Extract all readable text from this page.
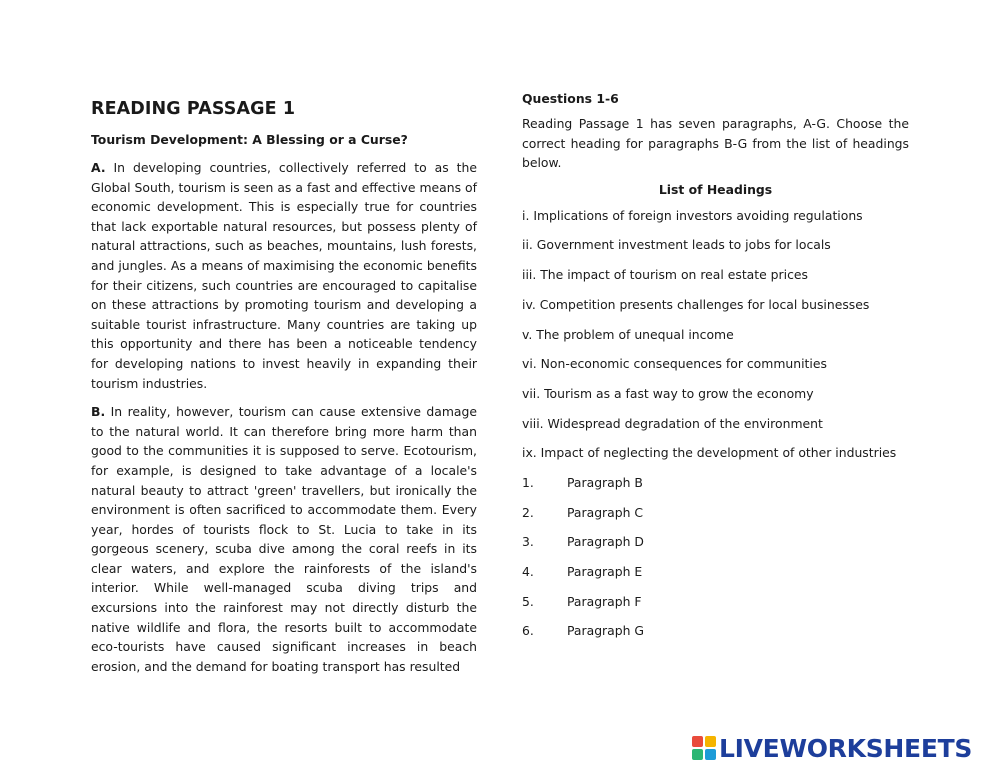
READING PASSAGE 1
Tourism Development: A Blessing or a Curse?

A. In developing countries, collectively referred to as the Global South, tourism is seen as a fast and effective means of economic development. This is especially true for countries that lack exportable natural resources, but possess plenty of natural attractions, such as beaches, mountains, lush forests, and jungles. As a means of maximising the economic benefits for their citizens, such countries are encouraged to capitalise on these attractions by promoting tourism and developing a suitable tourist infrastructure. Many countries are taking up this opportunity and there has been a noticeable tendency for developing nations to invest heavily in expanding their tourism industries.

B. In reality, however, tourism can cause extensive damage to the natural world. It can therefore bring more harm than good to the communities it is supposed to serve. Ecotourism, for example, is designed to take advantage of a locale's natural beauty to attract 'green' travellers, but ironically the environment is often sacrificed to accommodate them. Every year, hordes of tourists flock to St. Lucia to take in its gorgeous scenery, scuba dive among the coral reefs in its clear waters, and explore the rainforests of the island's interior. While well-managed scuba diving trips and excursions into the rainforest may not directly disturb the native wildlife and flora, the resorts built to accommodate eco-tourists have caused significant increases in beach erosion, and the demand for boating transport has resulted

Questions 1-6
Reading Passage 1 has seven paragraphs, A-G. Choose the correct heading for paragraphs B-G from the list of headings below.
List of Headings
i. Implications of foreign investors avoiding regulations
ii. Government investment leads to jobs for locals
iii. The impact of tourism on real estate prices
iv. Competition presents challenges for local businesses
v. The problem of unequal income
vi. Non-economic consequences for communities
vii. Tourism as a fast way to grow the economy
viii. Widespread degradation of the environment
ix. Impact of neglecting the development of other industries
1.	Paragraph B
2.	Paragraph C
3.	Paragraph D
4.	Paragraph E
5.	Paragraph F
6.	Paragraph G
LIVEWORKSHEETS
